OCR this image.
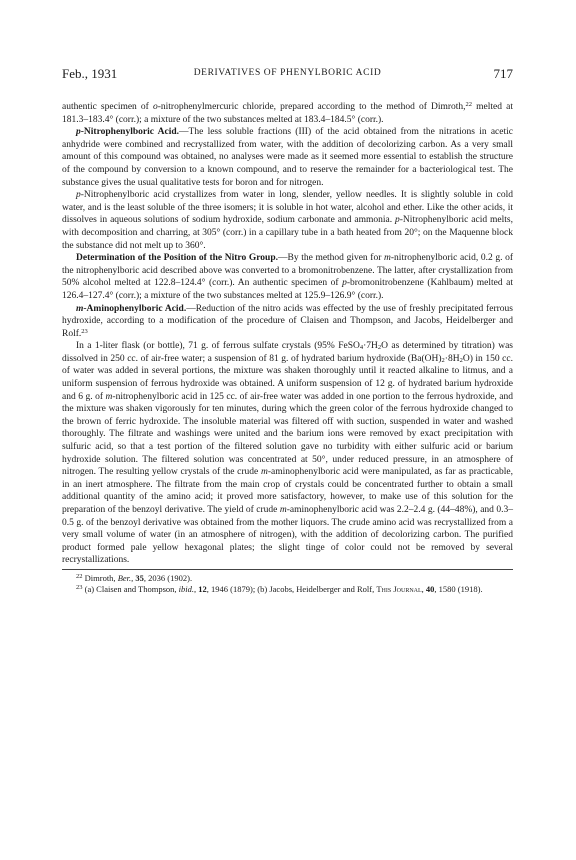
Feb., 1931	DERIVATIVES OF PHENYLBORIC ACID	717

authentic specimen of o-nitrophenylmercuric chloride, prepared according to the method of Dimroth,$^{22}$ melted at 181.3–183.4° (corr.); a mixture of the two substances melted at 183.4–184.5° (corr.).

p-Nitrophenylboric Acid.—The less soluble fractions (III) of the acid obtained from the nitrations in acetic anhydride were combined and recrystallized from water, with the addition of decolorizing carbon. As a very small amount of this compound was obtained, no analyses were made as it seemed more essential to establish the structure of the compound by conversion to a known compound, and to reserve the remainder for a bacteriological test. The substance gives the usual qualitative tests for boron and for nitrogen.

p-Nitrophenylboric acid crystallizes from water in long, slender, yellow needles. It is slightly soluble in cold water, and is the least soluble of the three isomers; it is soluble in hot water, alcohol and ether. Like the other acids, it dissolves in aqueous solutions of sodium hydroxide, sodium carbonate and ammonia. p-Nitrophenylboric acid melts, with decomposition and charring, at 305° (corr.) in a capillary tube in a bath heated from 20°; on the Maquenne block the substance did not melt up to 360°.

Determination of the Position of the Nitro Group.—By the method given for m-nitrophenylboric acid, 0.2 g. of the nitrophenylboric acid described above was converted to a bromonitrobenzene. The latter, after crystallization from 50% alcohol melted at 122.8–124.4° (corr.). An authentic specimen of p-bromonitrobenzene (Kahlbaum) melted at 126.4–127.4° (corr.); a mixture of the two substances melted at 125.9–126.9° (corr.).

m-Aminophenylboric Acid.—Reduction of the nitro acids was effected by the use of freshly precipitated ferrous hydroxide, according to a modification of the procedure of Claisen and Thompson, and Jacobs, Heidelberger and Rolf.$^{23}$

In a 1-liter flask (or bottle), 71 g. of ferrous sulfate crystals (95% $FeSO_4\cdot 7H_2O$ as determined by titration) was dissolved in 250 cc. of air-free water; a suspension of 81 g. of hydrated barium hydroxide $(Ba(OH)_2\cdot 8H_2O)$ in 150 cc. of water was added in several portions, the mixture was shaken thoroughly until it reacted alkaline to litmus, and a uniform suspension of ferrous hydroxide was obtained. A uniform suspension of 12 g. of hydrated barium hydroxide and 6 g. of m-nitrophenylboric acid in 125 cc. of air-free water was added in one portion to the ferrous hydroxide, and the mixture was shaken vigorously for ten minutes, during which the green color of the ferrous hydroxide changed to the brown of ferric hydroxide. The insoluble material was filtered off with suction, suspended in water and washed thoroughly. The filtrate and washings were united and the barium ions were removed by exact precipitation with sulfuric acid, so that a test portion of the filtered solution gave no turbidity with either sulfuric acid or barium hydroxide solution. The filtered solution was concentrated at 50°, under reduced pressure, in an atmosphere of nitrogen. The resulting yellow crystals of the crude m-aminophenylboric acid were manipulated, as far as practicable, in an inert atmosphere. The filtrate from the main crop of crystals could be concentrated further to obtain a small additional quantity of the amino acid; it proved more satisfactory, however, to make use of this solution for the preparation of the benzoyl derivative. The yield of crude m-aminophenylboric acid was 2.2–2.4 g. (44–48%), and 0.3–0.5 g. of the benzoyl derivative was obtained from the mother liquors. The crude amino acid was recrystallized from a very small volume of water (in an atmosphere of nitrogen), with the addition of decolorizing carbon. The purified product formed pale yellow hexagonal plates; the slight tinge of color could not be removed by several recrystallizations.

$^{22}$ Dimroth, Ber., 35, 2036 (1902).

$^{23}$ (a) Claisen and Thompson, ibid., 12, 1946 (1879); (b) Jacobs, Heidelberger and Rolf, This Journal, 40, 1580 (1918).
